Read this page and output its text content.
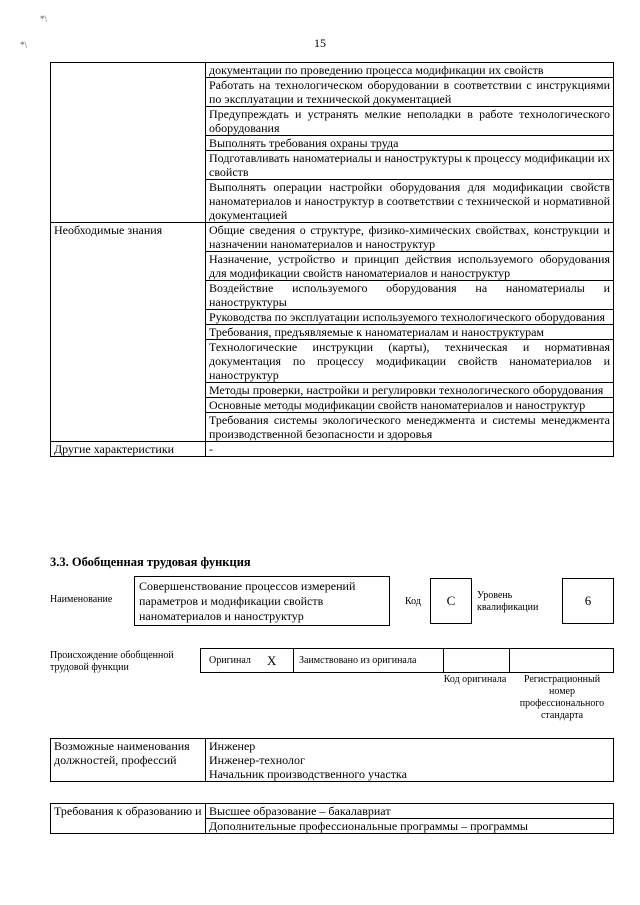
*\
*\	15
	документации по проведению процесса модификации их свойств
	Работать на технологическом оборудовании в соответствии с инструкциями по эксплуатации и технической документацией
	Предупреждать и устранять мелкие неполадки в работе технологического оборудования
	Выполнять требования охраны труда
	Подготавливать наноматериалы и наноструктуры к процессу модификации их свойств
	Выполнять операции настройки оборудования для модификации свойств наноматериалов и наноструктур в соответствии с технической и нормативной документацией
Необходимые знания	Общие сведения о структуре, физико-химических свойствах, конструкции и назначении наноматериалов и наноструктур
	Назначение, устройство и принцип действия используемого оборудования для модификации свойств наноматериалов и наноструктур
	Воздействие используемого оборудования на наноматериалы и наноструктуры
	Руководства по эксплуатации используемого технологического оборудования
	Требования, предъявляемые к наноматериалам и наноструктурам
	Технологические инструкции (карты), техническая и нормативная документация по процессу модификации свойств наноматериалов и наноструктур
	Методы проверки, настройки и регулировки технологического оборудования
	Основные методы модификации свойств наноматериалов и наноструктур
	Требования системы экологического менеджмента и системы менеджмента производственной безопасности и здоровья
Другие характеристики	-
3.3. Обобщенная трудовая функция
Наименование
Совершенствование процессов измерений параметров и модификации свойств наноматериалов и наноструктур
Код С Уровень квалификации	6
Происхождение обобщенной трудовой функции
Оригинал X Заимствовано из оригинала
Код оригинала	Регистрационный номер профессионального стандарта
Возможные наименования должностей, профессий	Инженер
Инженер-технолог
Начальник производственного участка
Требования к образованию и	Высшее образование – бакалавриат
Дополнительные профессиональные программы – программы
